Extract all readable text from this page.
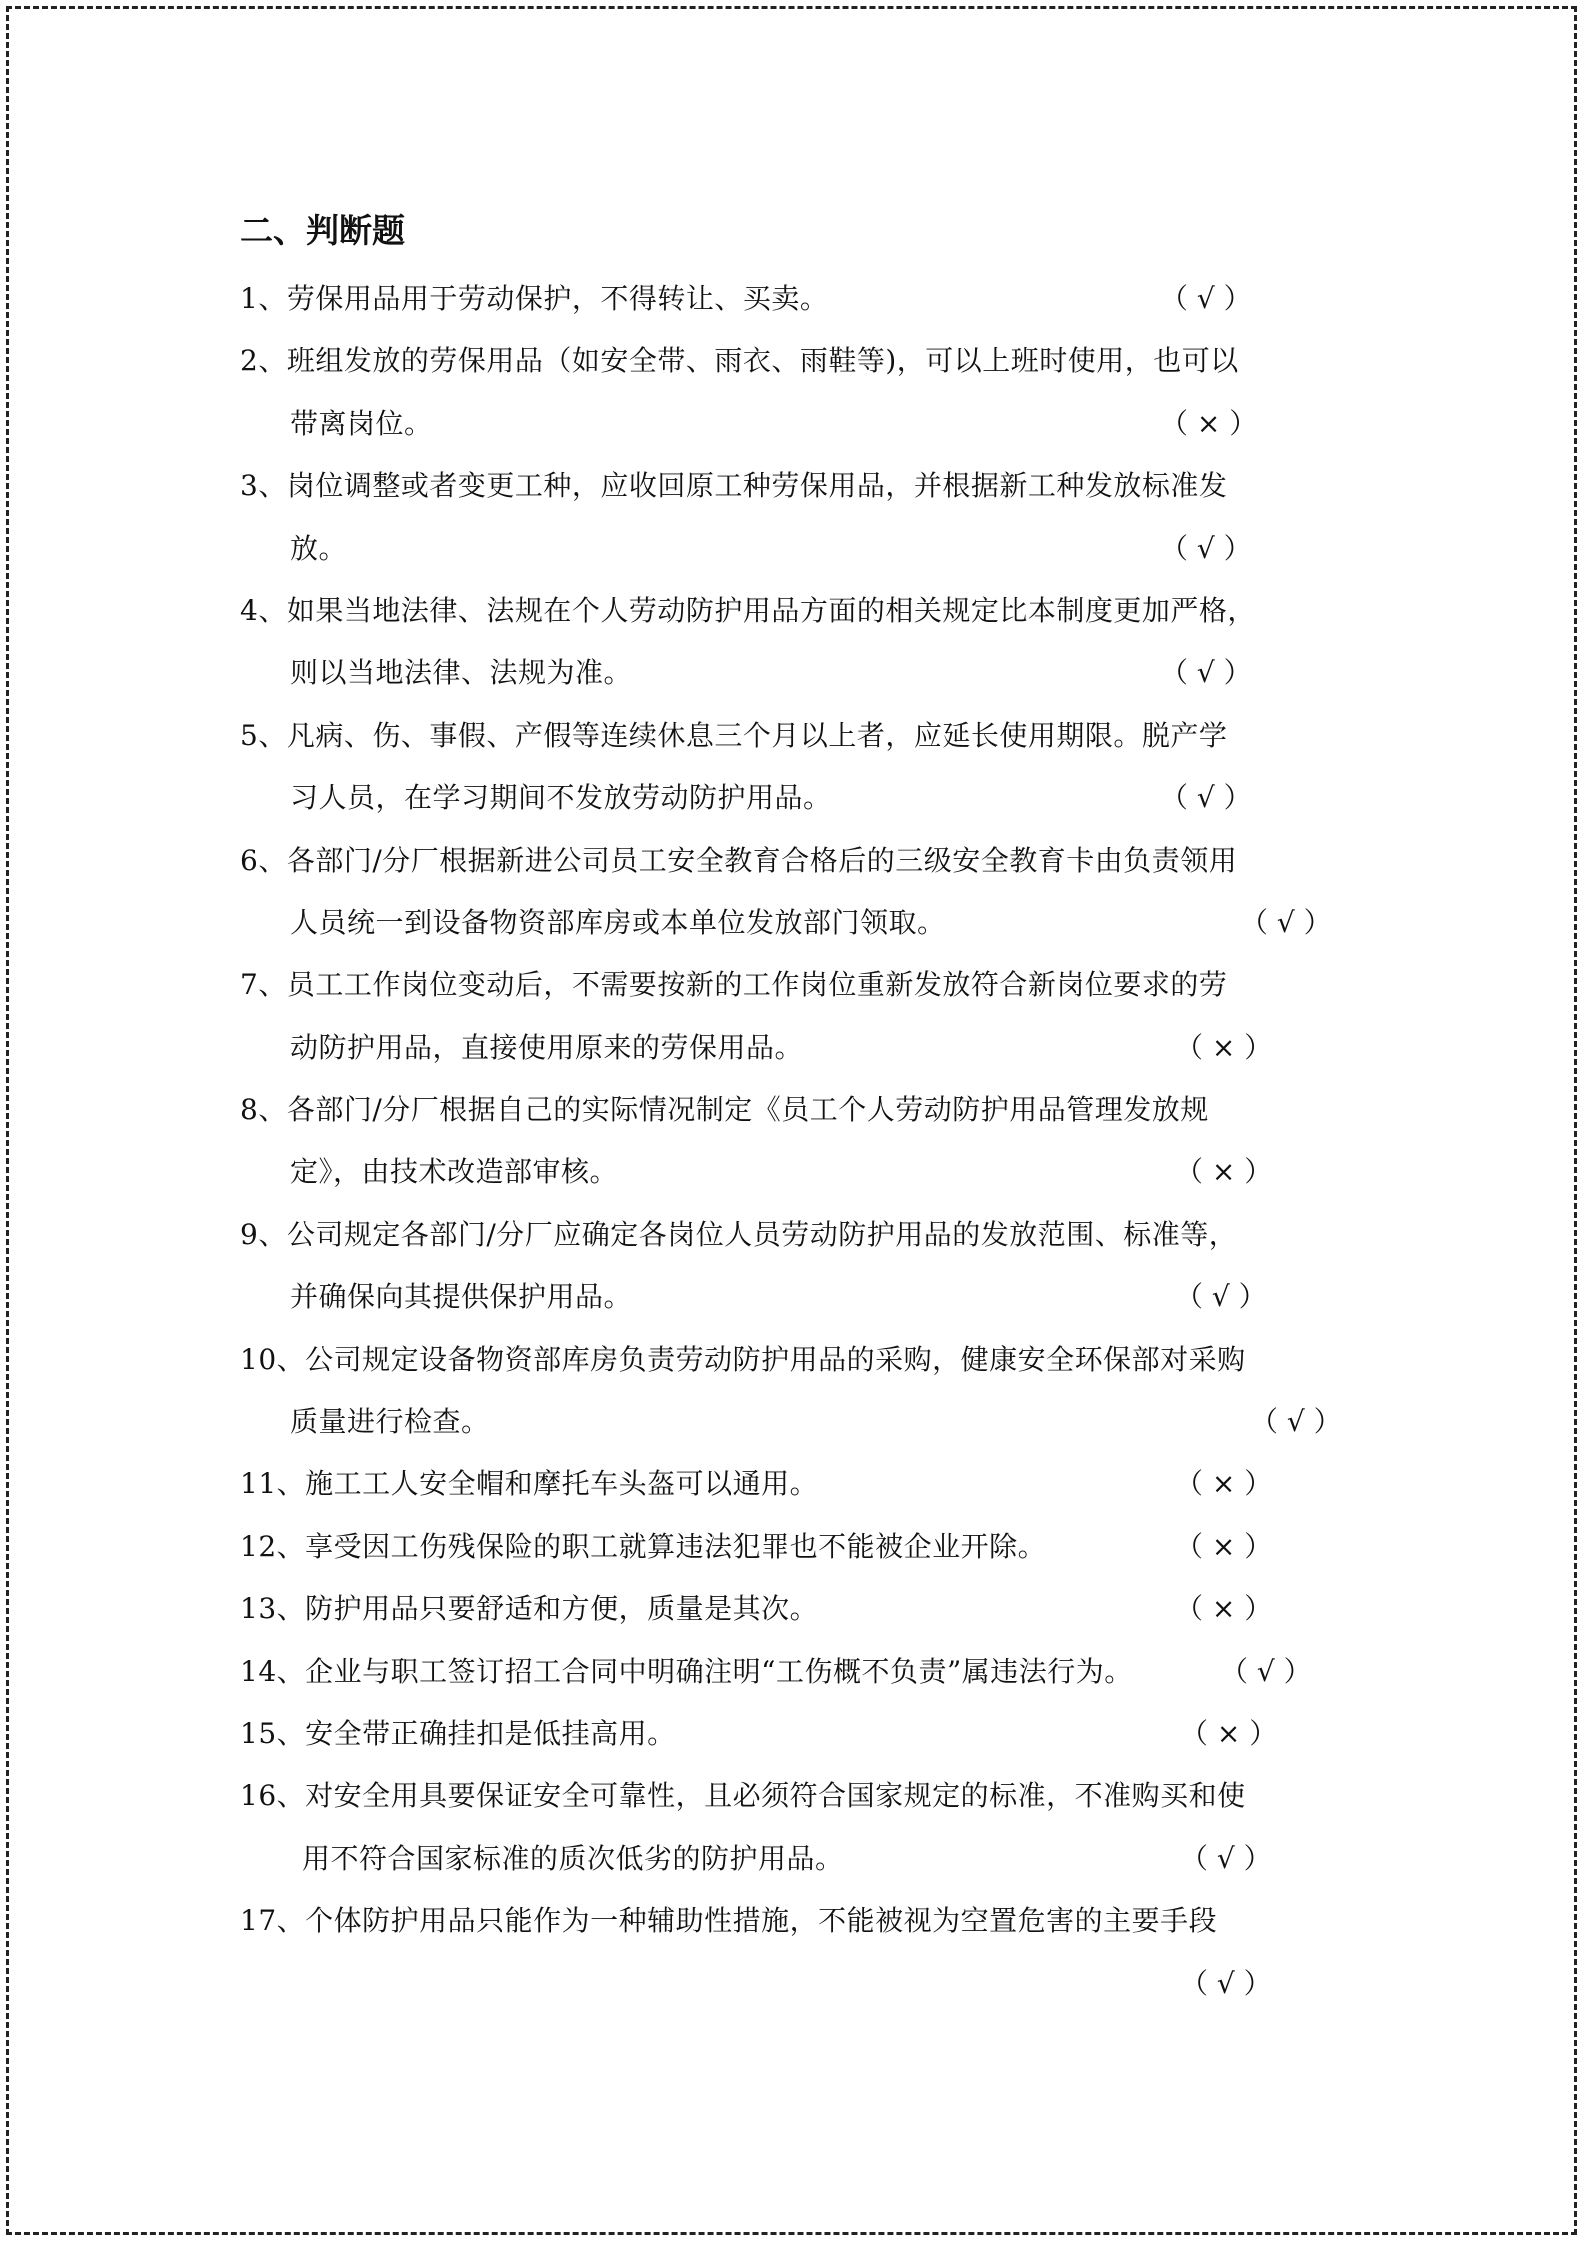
二、判断题
1、劳保用品用于劳动保护，不得转让、买卖。	（ √ ）
2、班组发放的劳保用品（如安全带、雨衣、雨鞋等)，可以上班时使用，也可以
带离岗位。	（ × ）
3、岗位调整或者变更工种，应收回原工种劳保用品，并根据新工种发放标准发
放。	（ √ ）
4、如果当地法律、法规在个人劳动防护用品方面的相关规定比本制度更加严格，
则以当地法律、法规为准。	（ √ ）
5、凡病、伤、事假、产假等连续休息三个月以上者，应延长使用期限。脱产学
习人员，在学习期间不发放劳动防护用品。	（ √ ）
6、各部门/分厂根据新进公司员工安全教育合格后的三级安全教育卡由负责领用
人员统一到设备物资部库房或本单位发放部门领取。	（ √ ）
7、员工工作岗位变动后，不需要按新的工作岗位重新发放符合新岗位要求的劳
动防护用品，直接使用原来的劳保用品。	（ × ）
8、各部门/分厂根据自己的实际情况制定《员工个人劳动防护用品管理发放规
定》，由技术改造部审核。	（ × ）
9、公司规定各部门/分厂应确定各岗位人员劳动防护用品的发放范围、标准等，
并确保向其提供保护用品。	（ √ ）
10、公司规定设备物资部库房负责劳动防护用品的采购，健康安全环保部对采购
质量进行检查。	（ √ ）
11、施工工人安全帽和摩托车头盔可以通用。	（ × ）
12、享受因工伤残保险的职工就算违法犯罪也不能被企业开除。	（ × ）
13、防护用品只要舒适和方便，质量是其次。	（ × ）
14、企业与职工签订招工合同中明确注明“工伤概不负责”属违法行为。	（ √ ）
15、安全带正确挂扣是低挂高用。	（ × ）
16、对安全用具要保证安全可靠性，且必须符合国家规定的标准，不准购买和使
用不符合国家标准的质次低劣的防护用品。	（ √ ）
17、个体防护用品只能作为一种辅助性措施，不能被视为空置危害的主要手段
（ √ ）
